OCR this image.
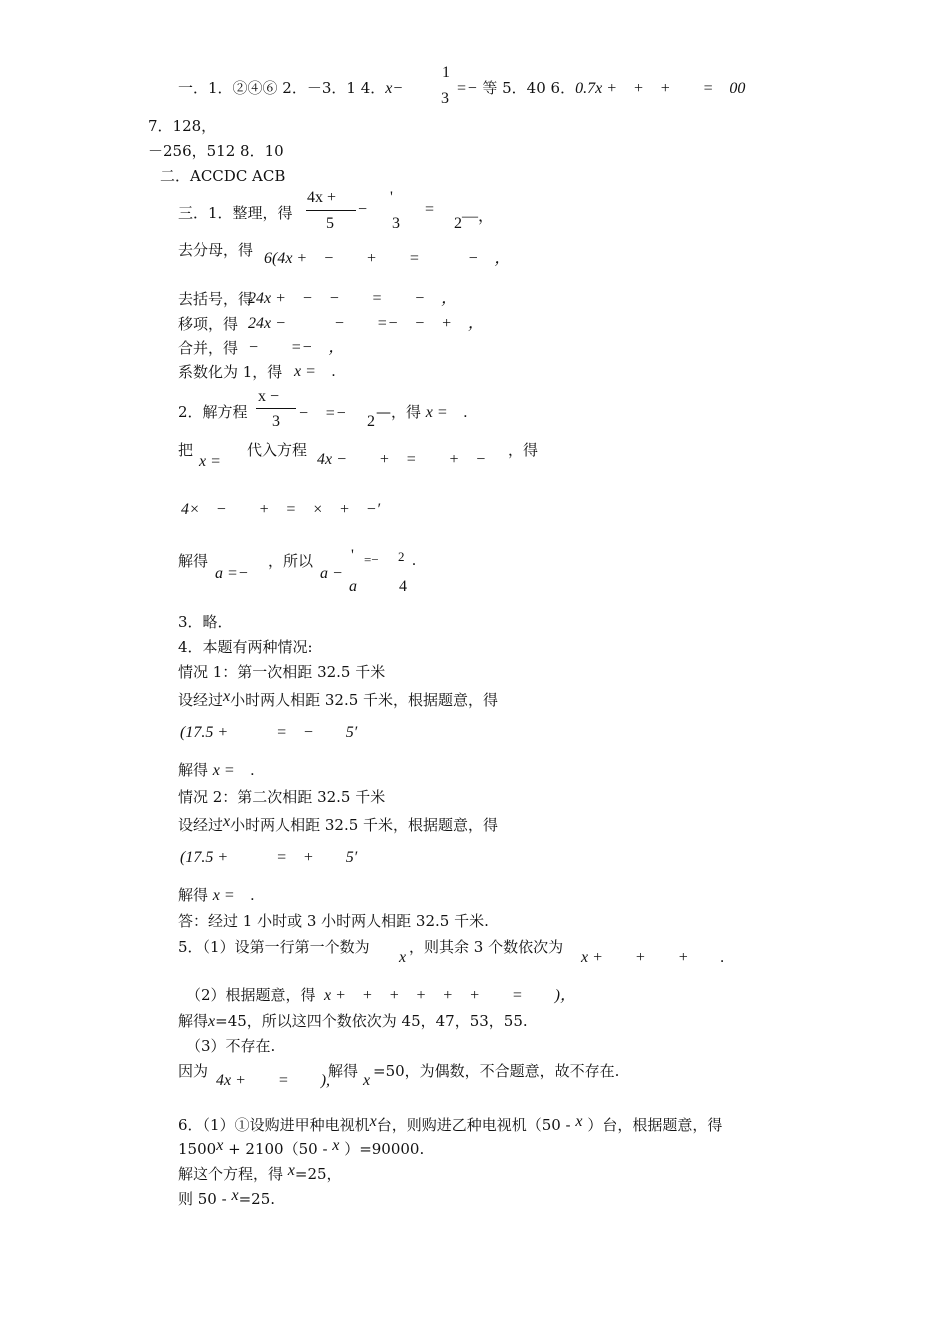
一．1．②④⑥ 2．－3．1 4．x−
1
3
=− 等 5．40 6．0.7x +　+　+　　=　00
7．128，
－256，512 8．10
二．ACCDC ACB
三．1．整理，得
4x +
5
−
'
3
=
2 —，
去分母，得 6(4x +　−　　+　　=　　　−　，
去括号，得
24x +　−　−　　=　　−　，
移项，得 24x −　　　−　　=−　−　+　，
合并，得 −　　=−　，
系数化为 1，得 x =　.
2．解方程
x −
3 −　=− 2
—，得 x =　.
把
x =
代入方程
4x −　　+　=　　+　−
，得
4×　−　　+　=　×　+　−′
解得
a =−
，所以
a −
'
a
=− 2
4
.
3．略．
4．本题有两种情况:
情况 1：第一次相距 32.5 千米
设经过x小时两人相距 32.5 千米，根据题意，得
(17.5 +　　　=　−　　5′
解得 x =　.
情况 2：第二次相距 32.5 千米
设经过x小时两人相距 32.5 千米，根据题意，得
(17.5 +　　　=　+　　5′
解得 x =　.
答：经过 1 小时或 3 小时两人相距 32.5 千米.
5．（1）设第一行第一个数为
x
，则其余 3 个数依次为
x +　　+　　+　　.
（2）根据题意，得 x +　+　+　+　+　+　　=　　)，
解得x=45，所以这四个数依次为 45，47，53，55.
（3）不存在.
因为
4x +　　=　　),
解得
x
=50，为偶数，不合题意，故不存在.
6．（1）①设购进甲种电视机x台，则购进乙种电视机（50 - x ）台，根据题意，得
1500x + 2100（50 - x ）=90000.
解这个方程，得 x=25，
则 50 - x=25.
